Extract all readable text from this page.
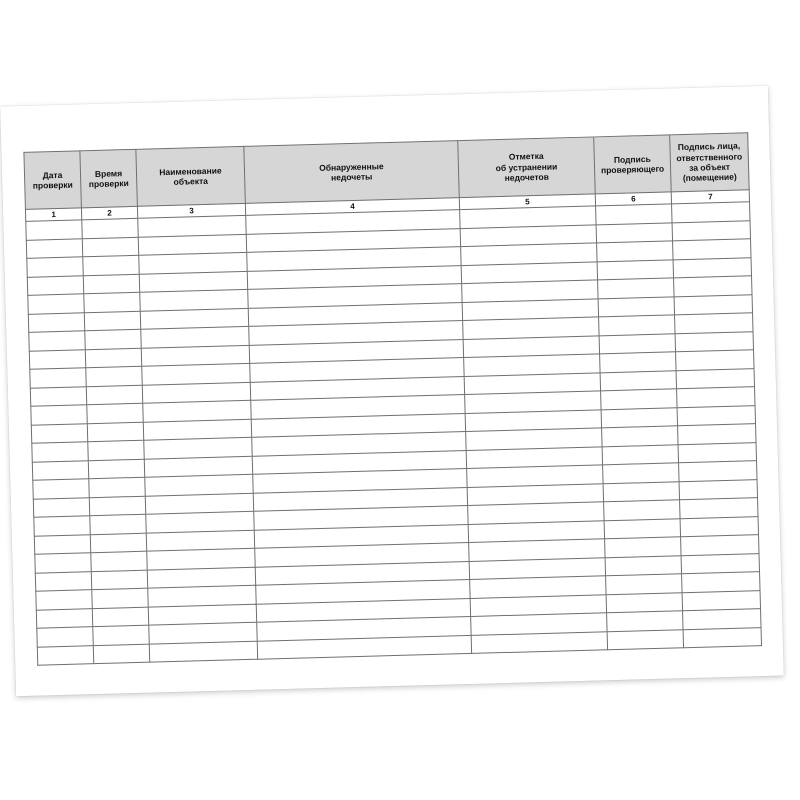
Дата
проверки	Время
проверки	Наименование
объекта	Обнаруженные
недочеты	Отметка
об устранении
недочетов	Подпись
проверяющего	Подпись лица,
ответственного
за объект
(помещение)

1	2	3	4	5	6	7
